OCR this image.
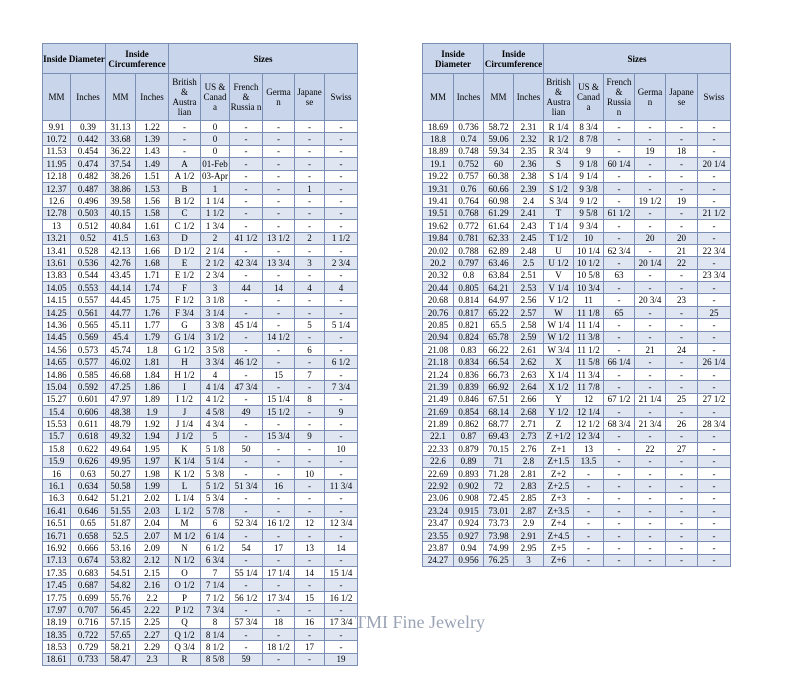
Inside Diameter		Inside Circumference		Sizes					
MM	Inches	MM	Inches	British & Austra lian	US & Canad a	French & Russia n	Germa n	Japane se	Swiss
9.91	0.39	31.13	1.22	-	0	-	-	-	-
10.72	0.442	33.68	1.39	-	0	-	-	-	-
11.53	0.454	36.22	1.43	-	0	-	-	-	-
11.95	0.474	37.54	1.49	A	01-Feb	-	-	-	-
12.18	0.482	38.26	1.51	A 1/2	03-Apr	-	-	-	-
12.37	0.487	38.86	1.53	B	1	-	-	1	-
12.6	0.496	39.58	1.56	B 1/2	1 1/4	-	-	-	-
12.78	0.503	40.15	1.58	C	1 1/2	-	-	-	-
13	0.512	40.84	1.61	C 1/2	1 3/4	-	-	-	-
13.21	0.52	41.5	1.63	D	2	41 1/2	13 1/2	2	1 1/2
13.41	0.528	42.13	1.66	D 1/2	2 1/4	-	-	-	-
13.61	0.536	42.76	1.68	E	2 1/2	42 3/4	13 3/4	3	2 3/4
13.83	0.544	43.45	1.71	E 1/2	2 3/4	-	-	-	-
14.05	0.553	44.14	1.74	F	3	44	14	4	4
14.15	0.557	44.45	1.75	F 1/2	3 1/8	-	-	-	-
14.25	0.561	44.77	1.76	F 3/4	3 1/4	-	-	-	-
14.36	0.565	45.11	1.77	G	3 3/8	45 1/4	-	5	5 1/4
14.45	0.569	45.4	1.79	G 1/4	3 1/2	-	14 1/2	-	-
14.56	0.573	45.74	1.8	G 1/2	3 5/8	-	-	6	-
14.65	0.577	46.02	1.81	H	3 3/4	46 1/2	-	-	6 1/2
14.86	0.585	46.68	1.84	H 1/2	4	-	15	7	-
15.04	0.592	47.25	1.86	I	4 1/4	47 3/4	-	-	7 3/4
15.27	0.601	47.97	1.89	I 1/2	4 1/2	-	15 1/4	8	-
15.4	0.606	48.38	1.9	J	4 5/8	49	15 1/2	-	9
15.53	0.611	48.79	1.92	J 1/4	4 3/4	-	-	-	-
15.7	0.618	49.32	1.94	J 1/2	5	-	15 3/4	9	-
15.8	0.622	49.64	1.95	K	5 1/8	50	-	-	10
15.9	0.626	49.95	1.97	K 1/4	5 1/4	-	-	-	-
16	0.63	50.27	1.98	K 1/2	5 3/8	-	-	10	-
16.1	0.634	50.58	1.99	L	5 1/2	51 3/4	16	-	11 3/4
16.3	0.642	51.21	2.02	L 1/4	5 3/4	-	-	-	-
16.41	0.646	51.55	2.03	L 1/2	5 7/8	-	-	-	-
16.51	0.65	51.87	2.04	M	6	52 3/4	16 1/2	12	12 3/4
16.71	0.658	52.5	2.07	M 1/2	6 1/4	-	-	-	-
16.92	0.666	53.16	2.09	N	6 1/2	54	17	13	14
17.13	0.674	53.82	2.12	N 1/2	6 3/4	-	-	-	-
17.35	0.683	54.51	2.15	O	7	55 1/4	17 1/4	14	15 1/4
17.45	0.687	54.82	2.16	O 1/2	7 1/4	-	-	-	-
17.75	0.699	55.76	2.2	P	7 1/2	56 1/2	17 3/4	15	16 1/2
17.97	0.707	56.45	2.22	P 1/2	7 3/4	-	-	-	-
18.19	0.716	57.15	2.25	Q	8	57 3/4	18	16	17 3/4
18.35	0.722	57.65	2.27	Q 1/2	8 1/4	-	-	-	-
18.53	0.729	58.21	2.29	Q 3/4	8 1/2	-	18 1/2	17	-
18.61	0.733	58.47	2.3	R	8 5/8	59	-	-	19
Inside Diameter		Inside Circumference		Sizes					
MM	Inches	MM	Inches	British & Austra lian	US & Canad a	French & Russia n	Germa n	Japane se	Swiss
18.69	0.736	58.72	2.31	R 1/4	8 3/4	-	-	-	-
18.8	0.74	59.06	2.32	R 1/2	8 7/8	-	-	-	-
18.89	0.748	59.34	2.35	R 3/4	9	-	19	18	-
19.1	0.752	60	2.36	S	9 1/8	60 1/4	-	-	20 1/4
19.22	0.757	60.38	2.38	S 1/4	9 1/4	-	-	-	-
19.31	0.76	60.66	2.39	S 1/2	9 3/8	-	-	-	-
19.41	0.764	60.98	2.4	S 3/4	9 1/2	-	19 1/2	19	-
19.51	0.768	61.29	2.41	T	9 5/8	61 1/2	-	-	21 1/2
19.62	0.772	61.64	2.43	T 1/4	9 3/4	-	-	-	-
19.84	0.781	62.33	2.45	T 1/2	10	-	20	20	-
20.02	0.788	62.89	2.48	U	10 1/4	62 3/4	-	21	22 3/4
20.2	0.797	63.46	2.5	U 1/2	10 1/2	-	20 1/4	22	-
20.32	0.8	63.84	2.51	V	10 5/8	63	-	-	23 3/4
20.44	0.805	64.21	2.53	V 1/4	10 3/4	-	-	-	-
20.68	0.814	64.97	2.56	V 1/2	11	-	20 3/4	23	-
20.76	0.817	65.22	2.57	W	11 1/8	65	-	-	25
20.85	0.821	65.5	2.58	W 1/4	11 1/4	-	-	-	-
20.94	0.824	65.78	2.59	W 1/2	11 3/8	-	-	-	-
21.08	0.83	66.22	2.61	W 3/4	11 1/2	-	21	24	-
21.18	0.834	66.54	2.62	X	11 5/8	66 1/4	-	-	26 1/4
21.24	0.836	66.73	2.63	X 1/4	11 3/4	-	-	-	-
21.39	0.839	66.92	2.64	X 1/2	11 7/8	-	-	-	-
21.49	0.846	67.51	2.66	Y	12	67 1/2	21 1/4	25	27 1/2
21.69	0.854	68.14	2.68	Y 1/2	12 1/4	-	-	-	-
21.89	0.862	68.77	2.71	Z	12 1/2	68 3/4	21 3/4	26	28 3/4
22.1	0.87	69.43	2.73	Z +1/2	12 3/4	-	-	-	-
22.33	0.879	70.15	2.76	Z+1	13	-	22	27	-
22.6	0.89	71	2.8	Z+1.5	13.5	-	-	-	-
22.69	0.893	71.28	2.81	Z+2	-	-	-	-	-
22.92	0.902	72	2.83	Z+2.5	-	-	-	-	-
23.06	0.908	72.45	2.85	Z+3	-	-	-	-	-
23.24	0.915	73.01	2.87	Z+3.5	-	-	-	-	-
23.47	0.924	73.73	2.9	Z+4	-	-	-	-	-
23.55	0.927	73.98	2.91	Z+4.5	-	-	-	-	-
23.87	0.94	74.99	2.95	Z+5	-	-	-	-	-
24.27	0.956	76.25	3	Z+6	-	-	-	-	-
TMI Fine Jewelry
